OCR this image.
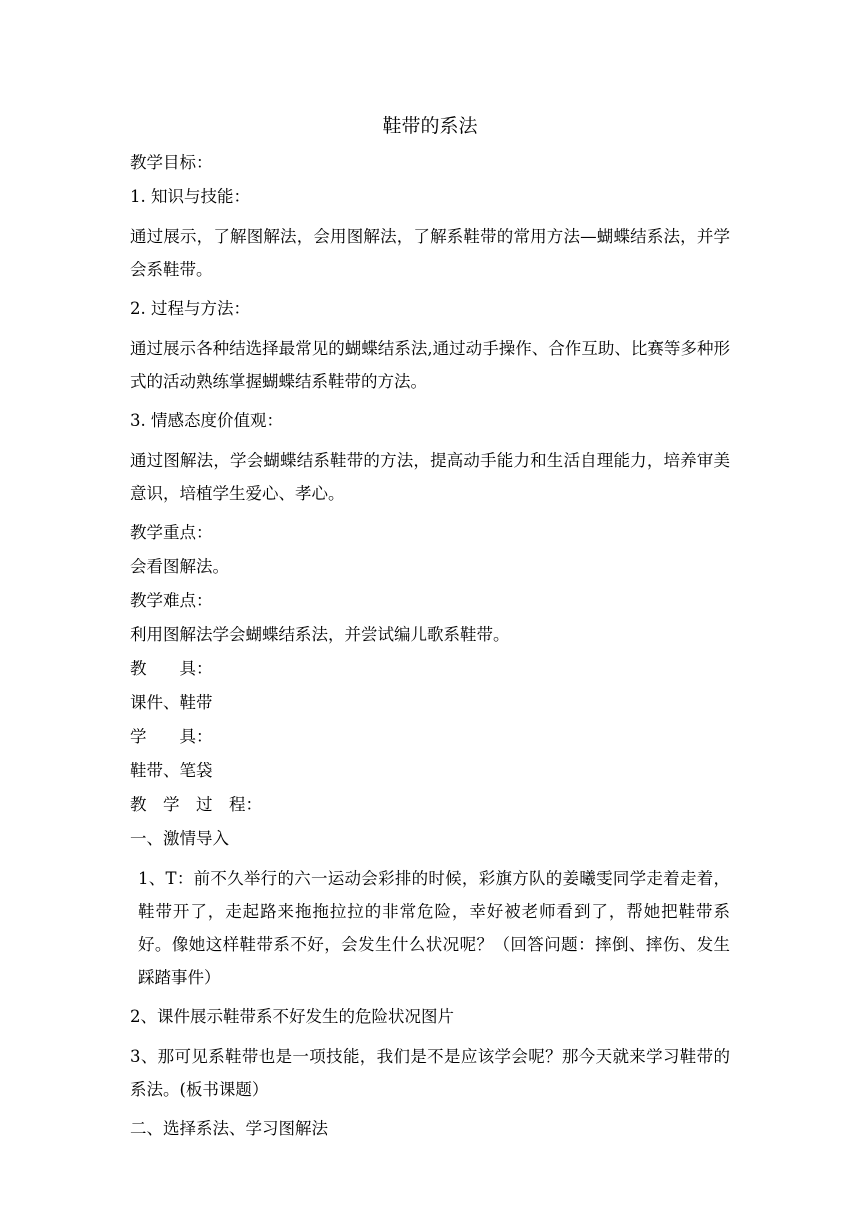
鞋带的系法

教学目标：

1. 知识与技能：

通过展示，了解图解法，会用图解法，了解系鞋带的常用方法—蝴蝶结系法，并学会系鞋带。

2. 过程与方法：

通过展示各种结选择最常见的蝴蝶结系法,通过动手操作、合作互助、比赛等多种形式的活动熟练掌握蝴蝶结系鞋带的方法。

3. 情感态度价值观：

通过图解法，学会蝴蝶结系鞋带的方法，提高动手能力和生活自理能力，培养审美意识，培植学生爱心、孝心。

教学重点：

会看图解法。

教学难点：

利用图解法学会蝴蝶结系法，并尝试编儿歌系鞋带。

教　　具：

课件、鞋带

学　　具：

鞋带、笔袋

教　学　过　程：

一、激情导入

1、T：前不久举行的六一运动会彩排的时候，彩旗方队的姜曦雯同学走着走着，鞋带开了，走起路来拖拖拉拉的非常危险，幸好被老师看到了，帮她把鞋带系好。像她这样鞋带系不好，会发生什么状况呢？（回答问题：摔倒、摔伤、发生踩踏事件）

2、课件展示鞋带系不好发生的危险状况图片

3、那可见系鞋带也是一项技能，我们是不是应该学会呢？那今天就来学习鞋带的系法。(板书课题）

二、选择系法、学习图解法
